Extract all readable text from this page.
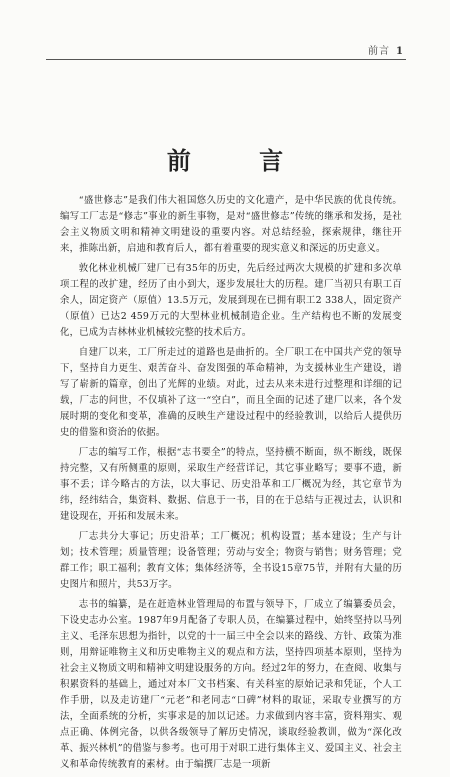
前言 1
前 言

“盛世修志”是我们伟大祖国悠久历史的文化遗产，是中华民族的优良传统。编写工厂志是“修志”事业的新生事物，是对“盛世修志”传统的继承和发扬，是社会主义物质文明和精神文明建设的重要内容。对总结经验，探索规律，继往开来，推陈出新，启迪和教育后人，都有着重要的现实意义和深远的历史意义。

敦化林业机械厂建厂已有35年的历史，先后经过两次大规模的扩建和多次单项工程的改扩建，经历了由小到大，逐步发展壮大的历程。建厂当初只有职工百余人，固定资产（原值）13.5万元，发展到现在已拥有职工2 338人，固定资产（原值）已达2 459万元的大型林业机械制造企业。生产结构也不断的发展变化，已成为吉林林业机械较完整的技术后方。

自建厂以来，工厂所走过的道路也是曲折的。全厂职工在中国共产党的领导下，坚持自力更生、艰苦奋斗、奋发图强的革命精神，为支援林业生产建设，谱写了崭新的篇章，创出了光辉的业绩。对此，过去从来未进行过整理和详细的记载，厂志的问世，不仅填补了这一“空白”，而且全面的记述了建厂以来，各个发展时期的变化和变革，准确的反映生产建设过程中的经验教训，以给后人提供历史的借鉴和资治的依据。

厂志的编写工作，根据“志书要全”的特点，坚持横不断面，纵不断线，既保持完整，又有所侧重的原则，采取生产经营详记，其它事业略写；要事不遗，新事不丢；详今略古的方法，以大事记、历史沿革和工厂概况为经，其它章节为纬，经纬结合，集资料、数据、信息于一书，目的在于总结与正视过去，认识和建设现在，开拓和发展未来。

厂志共分大事记；历史沿革；工厂概况；机构设置；基本建设；生产与计划；技术管理；质量管理；设备管理；劳动与安全；物资与销售；财务管理；党群工作；职工福利；教育文体；集体经济等，全书设15章75节，并附有大量的历史图片和照片，共53万字。

志书的编纂，是在赶造林业管理局的布置与领导下，厂成立了编纂委员会，下设史志办公室。1987年9月配备了专职人员，在编纂过程中，始终坚持以马列主义、毛泽东思想为指针，以党的十一届三中全会以来的路线、方针、政策为准则，用辩证唯物主义和历史唯物主义的观点和方法，坚持四项基本原则，坚持为社会主义物质文明和精神文明建设服务的方向。经过2年的努力，在查阅、收集与积累资料的基础上，通过对本厂文书档案、有关科室的原始记录和凭证，个人工作手册，以及走访建厂“元老”和老同志“口碑”材料的取证，采取专业撰写的方法，全面系统的分析，实事求是的加以记述。力求做到内容丰富，资料翔实、观点正确、体例完备，以供各级领导了解历史情况，谈取经验教训，做为“深化改革、振兴林机”的借鉴与参考。也可用于对职工进行集体主义、爱国主义、社会主义和革命传统教育的素材。由于编撰厂志是一项新
